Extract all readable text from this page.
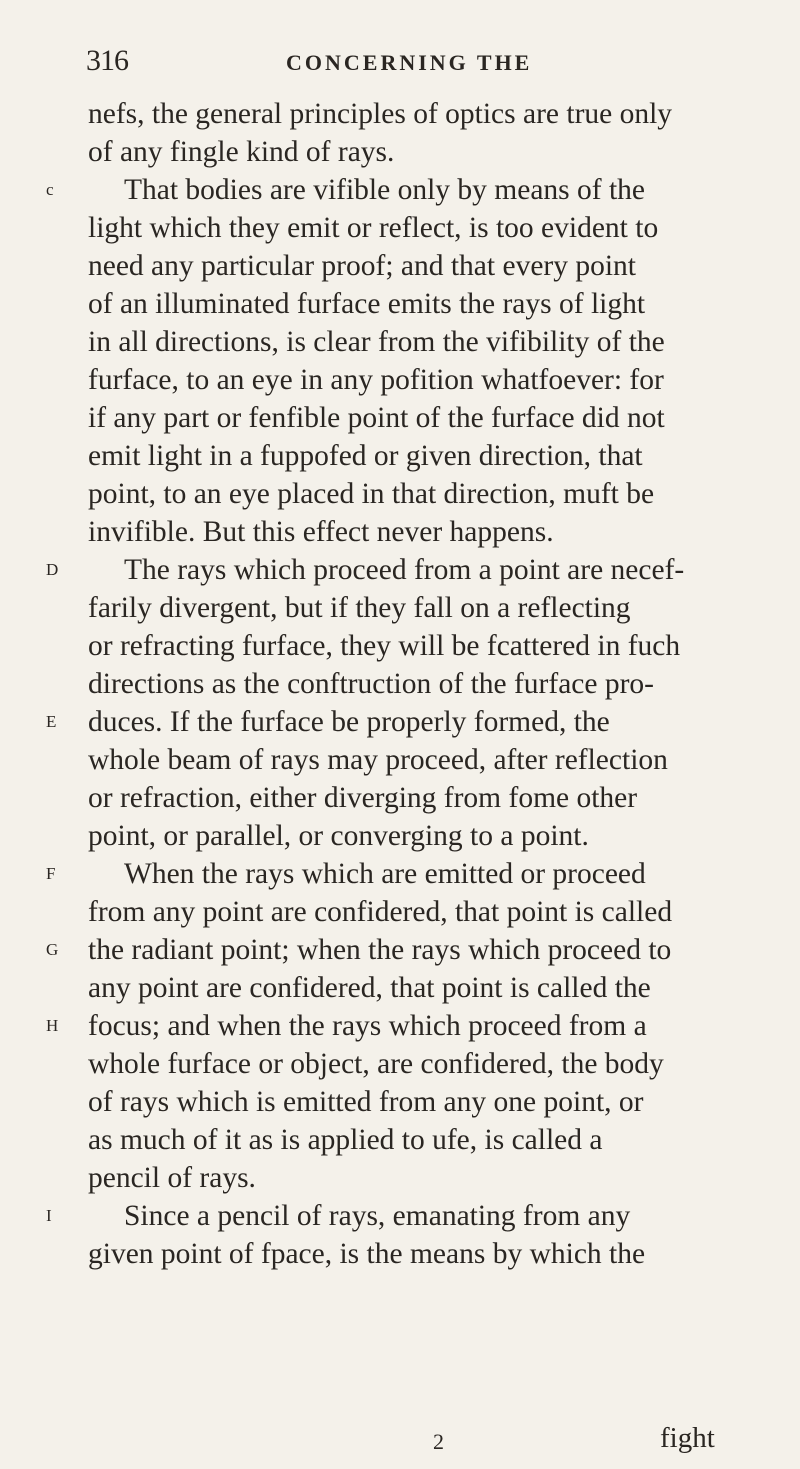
316	CONCERNING THE
nefs, the general principles of optics are true only
of any fingle kind of rays.
c	That bodies are vifible only by means of the
light which they emit or reflect, is too evident to
need any particular proof; and that every point
of an illuminated furface emits the rays of light
in all directions, is clear from the vifibility of the
furface, to an eye in any pofition whatfoever: for
if any part or fenfible point of the furface did not
emit light in a fuppofed or given direction, that
point, to an eye placed in that direction, muft be
invifible. But this effect never happens.
D The rays which proceed from a point are necef-
farily divergent, but if they fall on a reflecting
or refracting furface, they will be fcattered in fuch
directions as the conftruction of the furface pro-
E	duces. If the furface be properly formed, the
whole beam of rays may proceed, after reflection
or refraction, either diverging from fome other
point, or parallel, or converging to a point.
F	When the rays which are emitted or proceed
from any point are confidered, that point is called
G the radiant point; when the rays which proceed to
any point are confidered, that point is called the
H focus; and when the rays which proceed from a
whole furface or object, are confidered, the body
of rays which is emitted from any one point, or
as much of it as is applied to ufe, is called a
pencil of rays.
I	Since a pencil of rays, emanating from any
given point of fpace, is the means by which the
2	fight
